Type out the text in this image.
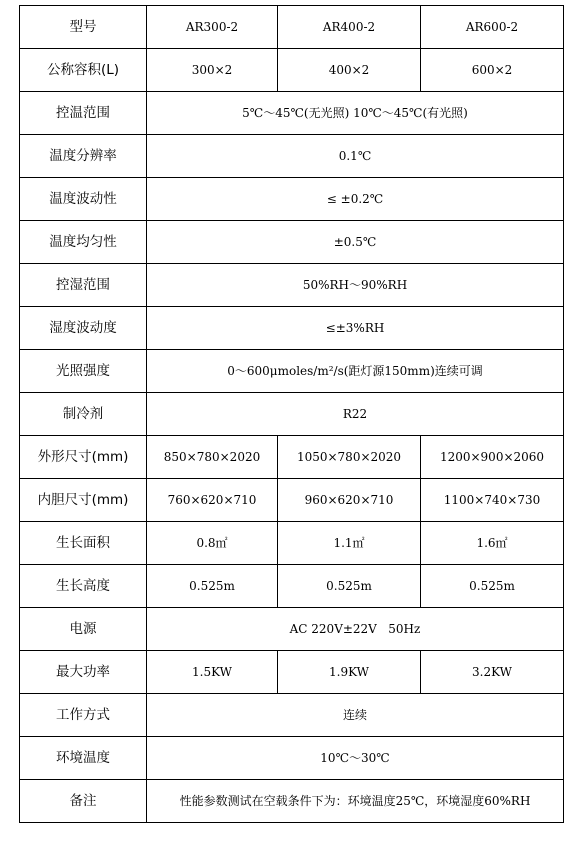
型号	AR300-2	AR400-2	AR600-2
公称容积(L)	300×2	400×2	600×2
控温范围	5℃～45℃(无光照) 10℃～45℃(有光照)		
温度分辨率	0.1℃		
温度波动性	≤ ±0.2℃		
温度均匀性	±0.5℃		
控湿范围	50%RH～90%RH		
湿度波动度	≤±3%RH		
光照强度	0～600μmoles/m²/s(距灯源150mm)连续可调		
制冷剂	R22		
外形尺寸(mm)	850×780×2020	1050×780×2020	1200×900×2060
内胆尺寸(mm)	760×620×710	960×620×710	1100×740×730
生长面积	0.8㎡	1.1㎡	1.6㎡
生长高度	0.525m	0.525m	0.525m
电源	AC 220V±22V   50Hz		
最大功率	1.5KW	1.9KW	3.2KW
工作方式	连续		
环境温度	10℃～30℃		
备注	性能参数测试在空载条件下为：环境温度25℃，环境湿度60%RH		
